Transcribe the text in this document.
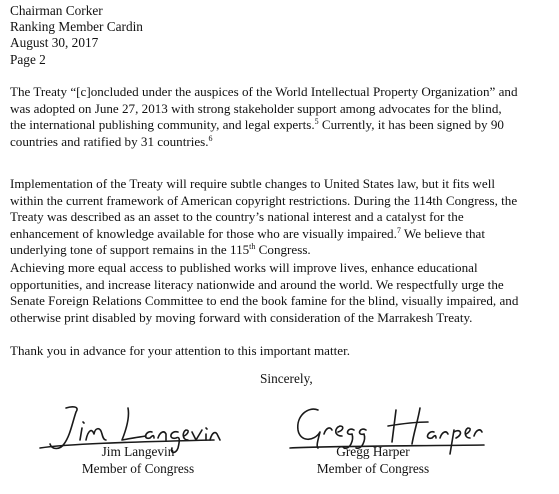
Chairman Corker
Ranking Member Cardin
August 30, 2017
Page 2
The Treaty “[c]oncluded under the auspices of the World Intellectual Property Organization” and
was adopted on June 27, 2013 with strong stakeholder support among advocates for the blind,
the international publishing community, and legal experts.$^5$ Currently, it has been signed by 90
countries and ratified by 31 countries.$^6$
Implementation of the Treaty will require subtle changes to United States law, but it fits well
within the current framework of American copyright restrictions. During the 114th Congress, the
Treaty was described as an asset to the country’s national interest and a catalyst for the
enhancement of knowledge available for those who are visually impaired.$^7$ We believe that
underlying tone of support remains in the 115th Congress.
Achieving more equal access to published works will improve lives, enhance educational
opportunities, and increase literacy nationwide and around the world. We respectfully urge the
Senate Foreign Relations Committee to end the book famine for the blind, visually impaired, and
otherwise print disabled by moving forward with consideration of the Marrakesh Treaty.
Thank you in advance for your attention to this important matter.
Sincerely,
Jim Langevin
Member of Congress
Gregg Harper
Member of Congress
